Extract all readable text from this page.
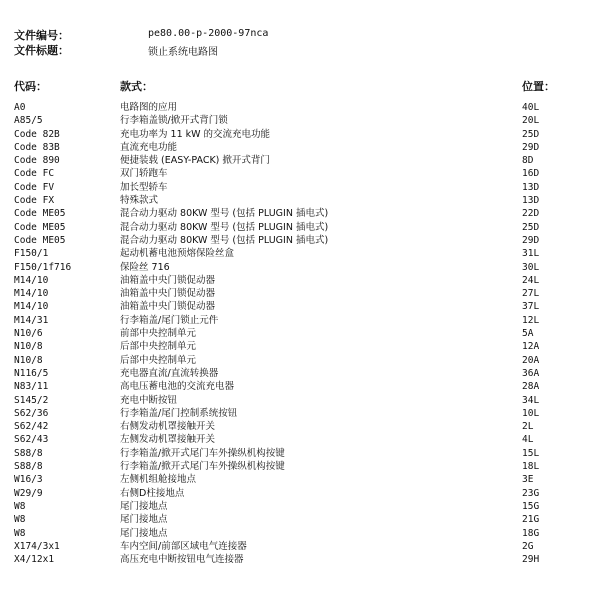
文件编号：	pe80.00-p-2000-97nca
文件标题：	锁止系统电路图
代码：	款式：	位置：
A0	电路图的应用	40L
A85/5	行李箱盖锁/掀开式背门锁	20L
Code 82B	充电功率为 11 kW 的交流充电功能	25D
Code 83B	直流充电功能	29D
Code 890	便捷装载 (EASY-PACK) 掀开式背门	8D
Code FC	双门轿跑车	16D
Code FV	加长型轿车	13D
Code FX	特殊款式	13D
Code ME05	混合动力驱动 80KW 型号 (包括 PLUGIN 插电式)	22D
Code ME05	混合动力驱动 80KW 型号 (包括 PLUGIN 插电式)	25D
Code ME05	混合动力驱动 80KW 型号 (包括 PLUGIN 插电式)	29D
F150/1	起动机蓄电池预熔保险丝盒	31L
F150/1f716	保险丝 716	30L
M14/10	油箱盖中央门锁促动器	24L
M14/10	油箱盖中央门锁促动器	27L
M14/10	油箱盖中央门锁促动器	37L
M14/31	行李箱盖/尾门锁止元件	12L
N10/6	前部中央控制单元	5A
N10/8	后部中央控制单元	12A
N10/8	后部中央控制单元	20A
N116/5	充电器直流/直流转换器	36A
N83/11	高电压蓄电池的交流充电器	28A
S145/2	充电中断按钮	34L
S62/36	行李箱盖/尾门控制系统按钮	10L
S62/42	右侧发动机罩接触开关	2L
S62/43	左侧发动机罩接触开关	4L
S88/8	行李箱盖/掀开式尾门车外操纵机构按键	15L
S88/8	行李箱盖/掀开式尾门车外操纵机构按键	18L
W16/3	左侧机组舱接地点	3E
W29/9	右侧D柱接地点	23G
W8	尾门接地点	15G
W8	尾门接地点	21G
W8	尾门接地点	18G
X174/3x1	车内空间/前部区域电气连接器	2G
X4/12x1	高压充电中断按钮电气连接器	29H
